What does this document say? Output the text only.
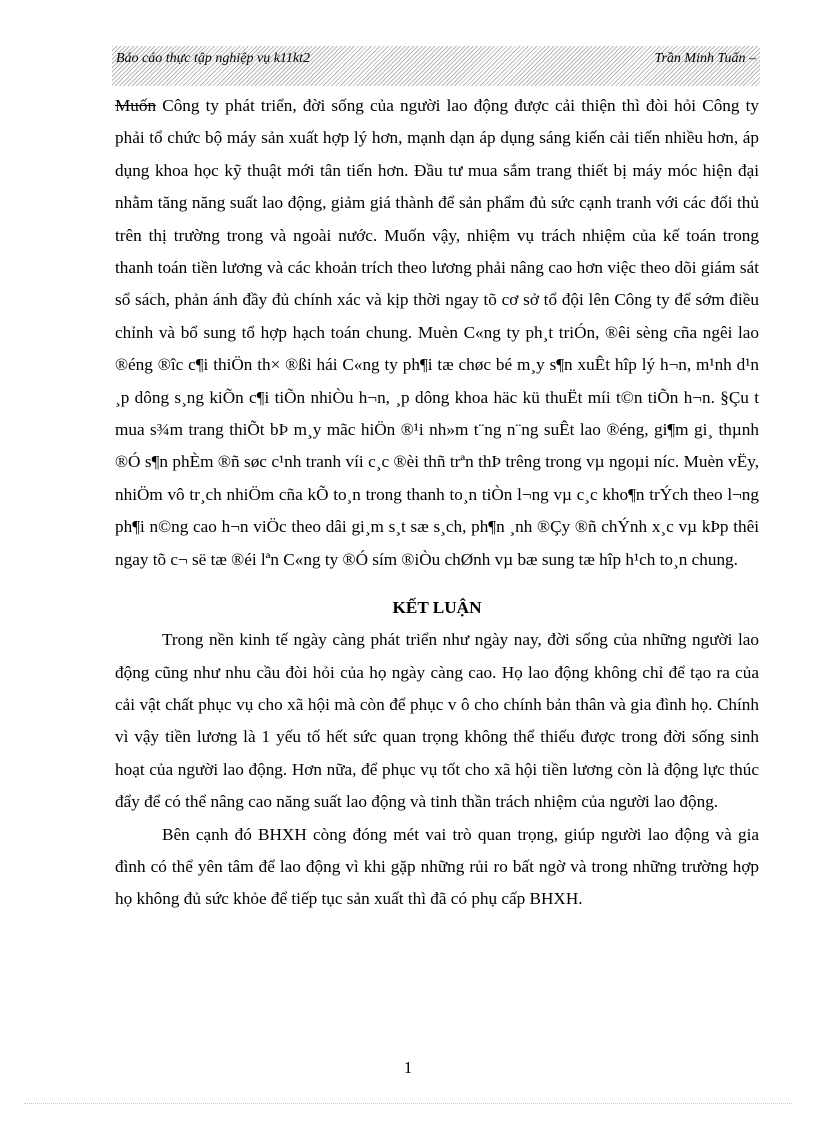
Báo cáo thực tập nghiệp vụ k11kt2	Trần Minh Tuấn –

Muốn Công ty phát triển, đời sống của người lao động được cải thiện thì đòi hỏi Công ty phải tổ chức bộ máy sản xuất hợp lý hơn, mạnh dạn áp dụng sáng kiến cải tiến nhiều hơn, áp dụng khoa học kỹ thuật mới tân tiến hơn. Đầu tư mua sắm trang thiết bị máy móc hiện đại nhằm tăng năng suất lao động, giảm giá thành để sản phẩm đủ sức cạnh tranh với các đối thủ trên thị trường trong và ngoài nước. Muốn vậy, nhiệm vụ trách nhiệm của kế toán trong thanh toán tiền lương và các khoản trích theo lương phải nâng cao hơn việc theo dõi giám sát sổ sách, phản ánh đầy đủ chính xác và kịp thời ngay tõ cơ sở tổ đội lên Công ty để sớm điều chỉnh và bổ sung tổ hợp hạch toán chung. Muèn C«ng ty ph¸t triÓn, ®êi sèng cña ngêi lao ®éng ®îc c¶i thiÖn th× ®ßi hái C«ng ty ph¶i tæ chøc bé m¸y s¶n xuÊt hîp lý h¬n, m¹nh d¹n ¸p dông s¸ng kiÕn c¶i tiÕn nhiÒu h¬n, ¸p dông khoa häc kü thuËt míi t©n tiÕn h¬n. §Çu t mua s¾m trang thiÕt bÞ m¸y mãc hiÖn ®¹i nh»m t¨ng n¨ng suÊt lao ®éng, gi¶m gi¸ thµnh ®Ó s¶n phÈm ®ñ søc c¹nh tranh víi c¸c ®èi thñ trªn thÞ trêng trong vµ ngoµi níc. Muèn vËy, nhiÖm vô tr¸ch nhiÖm cña kÕ to¸n trong thanh to¸n tiÒn l¬ng vµ c¸c kho¶n trÝch theo l¬ng ph¶i n©ng cao h¬n viÖc theo dâi gi¸m s¸t sæ s¸ch, ph¶n ¸nh ®Çy ®ñ chÝnh x¸c vµ kÞp thêi ngay tõ c¬ së tæ ®éi lªn C«ng ty ®Ó sím ®iÒu chØnh vµ bæ sung tæ hîp h¹ch to¸n chung.

KẾT LUẬN

Trong nền kinh tế ngày càng phát triển như ngày nay, đời sống của những người lao động cũng như nhu cầu đòi hỏi của họ ngày càng cao. Họ lao động không chỉ để tạo ra của cải vật chất phục vụ cho xã hội mà còn để phục v ô cho chính bản thân và gia đình họ. Chính vì vậy tiền lương là 1 yếu tố hết sức quan trọng không thể thiếu được trong đời sống sinh hoạt của người lao động. Hơn nữa, để phục vụ tốt cho xã hội tiền lương còn là động lực thúc đẩy để có thể nâng cao năng suất lao động và tinh thần trách nhiệm của người lao động.

Bên cạnh đó BHXH còng đóng mét vai trò quan trọng, giúp người lao động và gia đình có thể yên tâm để lao động vì khi gặp những rủi ro bất ngờ và trong những trường hợp họ không đủ sức khỏe để tiếp tục sản xuất thì đã có phụ cấp BHXH.

1
